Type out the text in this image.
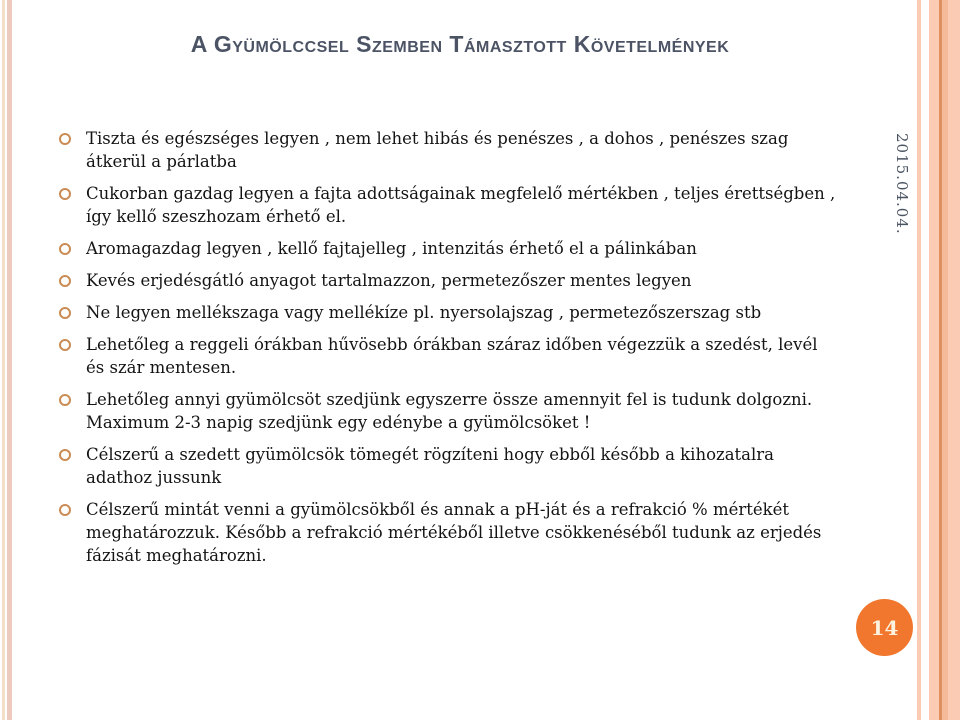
A Gyümölccsel Szemben Támasztott Követelmények
Tiszta és egészséges legyen , nem lehet hibás és penészes , a dohos , penészes szag átkerül a párlatba
Cukorban gazdag legyen a fajta adottságainak megfelelő mértékben , teljes érettségben , így kellő szeszhozam érhető el.
Aromagazdag legyen , kellő fajtajelleg , intenzitás érhető el a pálinkában
Kevés erjedésgátló anyagot tartalmazzon, permetezőszer mentes legyen
Ne legyen mellékszaga vagy mellékíze pl. nyersolajszag , permetezőszerszag stb
Lehetőleg a reggeli órákban hűvösebb órákban száraz időben végezzük a szedést, levél és szár mentesen.
Lehetőleg annyi gyümölcsöt szedjünk egyszerre össze amennyit fel is tudunk dolgozni. Maximum 2-3 napig szedjünk egy edénybe a gyümölcsöket !
Célszerű a szedett gyümölcsök tömegét rögzíteni hogy ebből később a kihozatalra adathoz jussunk
Célszerű mintát venni a gyümölcsökből és annak a pH-ját és a refrakció % mértékét meghatározzuk. Később a refrakció mértékéből illetve csökkenéséből tudunk az erjedés fázisát meghatározni.
2015.04.04.
14
